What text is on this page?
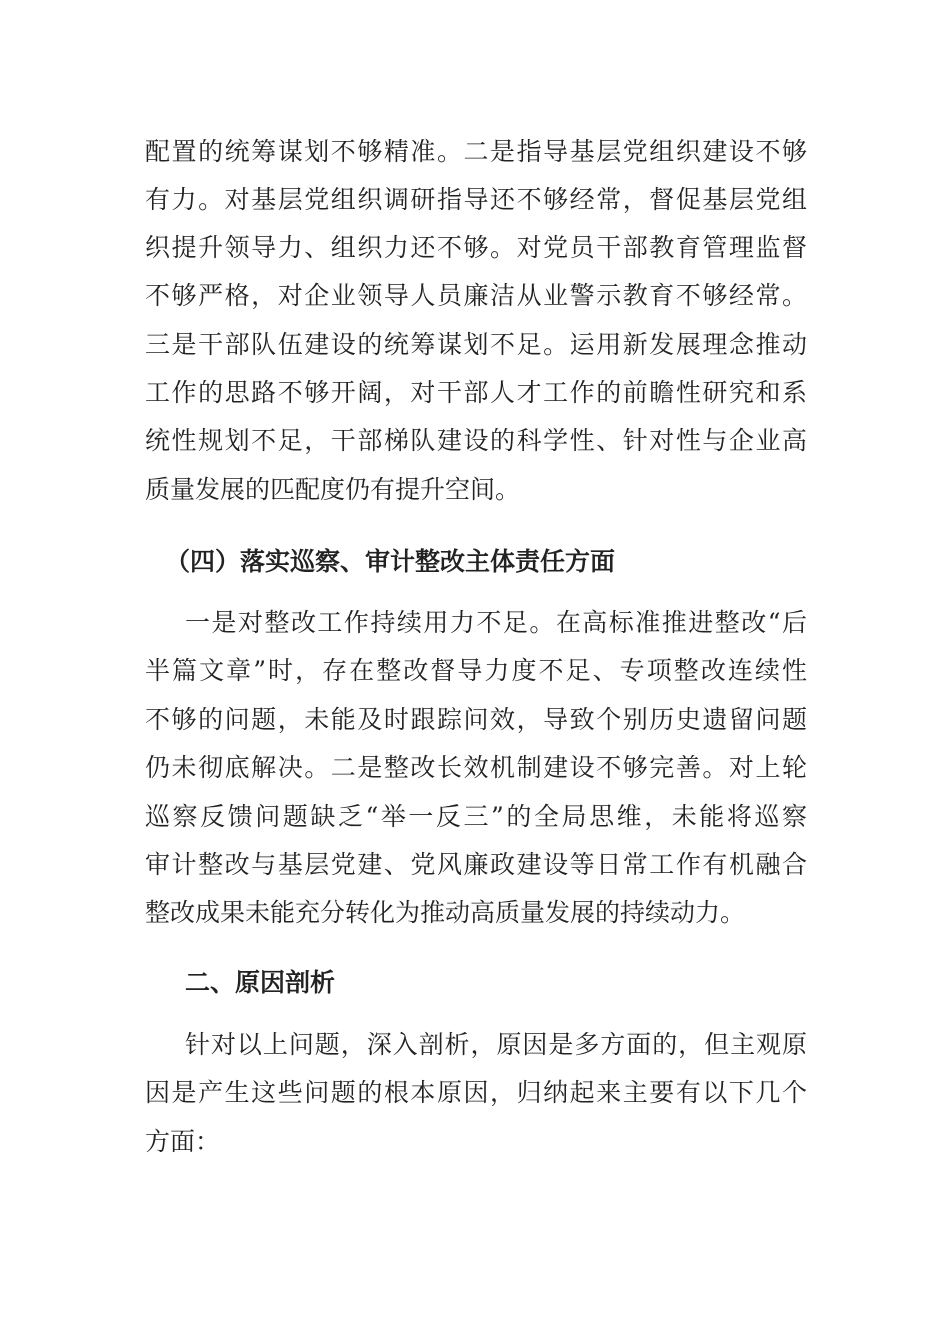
配置的统筹谋划不够精准。二是指导基层党组织建设不够
有力。对基层党组织调研指导还不够经常，督促基层党组
织提升领导力、组织力还不够。对党员干部教育管理监督
不够严格，对企业领导人员廉洁从业警示教育不够经常。
三是干部队伍建设的统筹谋划不足。运用新发展理念推动
工作的思路不够开阔，对干部人才工作的前瞻性研究和系
统性规划不足，干部梯队建设的科学性、针对性与企业高
质量发展的匹配度仍有提升空间。
（四）落实巡察、审计整改主体责任方面
一是对整改工作持续用力不足。在高标准推进整改“后
半篇文章”时，存在整改督导力度不足、专项整改连续性
不够的问题，未能及时跟踪问效，导致个别历史遗留问题
仍未彻底解决。二是整改长效机制建设不够完善。对上轮
巡察反馈问题缺乏“举一反三”的全局思维，未能将巡察
审计整改与基层党建、党风廉政建设等日常工作有机融合
整改成果未能充分转化为推动高质量发展的持续动力。
二、原因剖析
针对以上问题，深入剖析，原因是多方面的，但主观原
因是产生这些问题的根本原因，归纳起来主要有以下几个
方面：
